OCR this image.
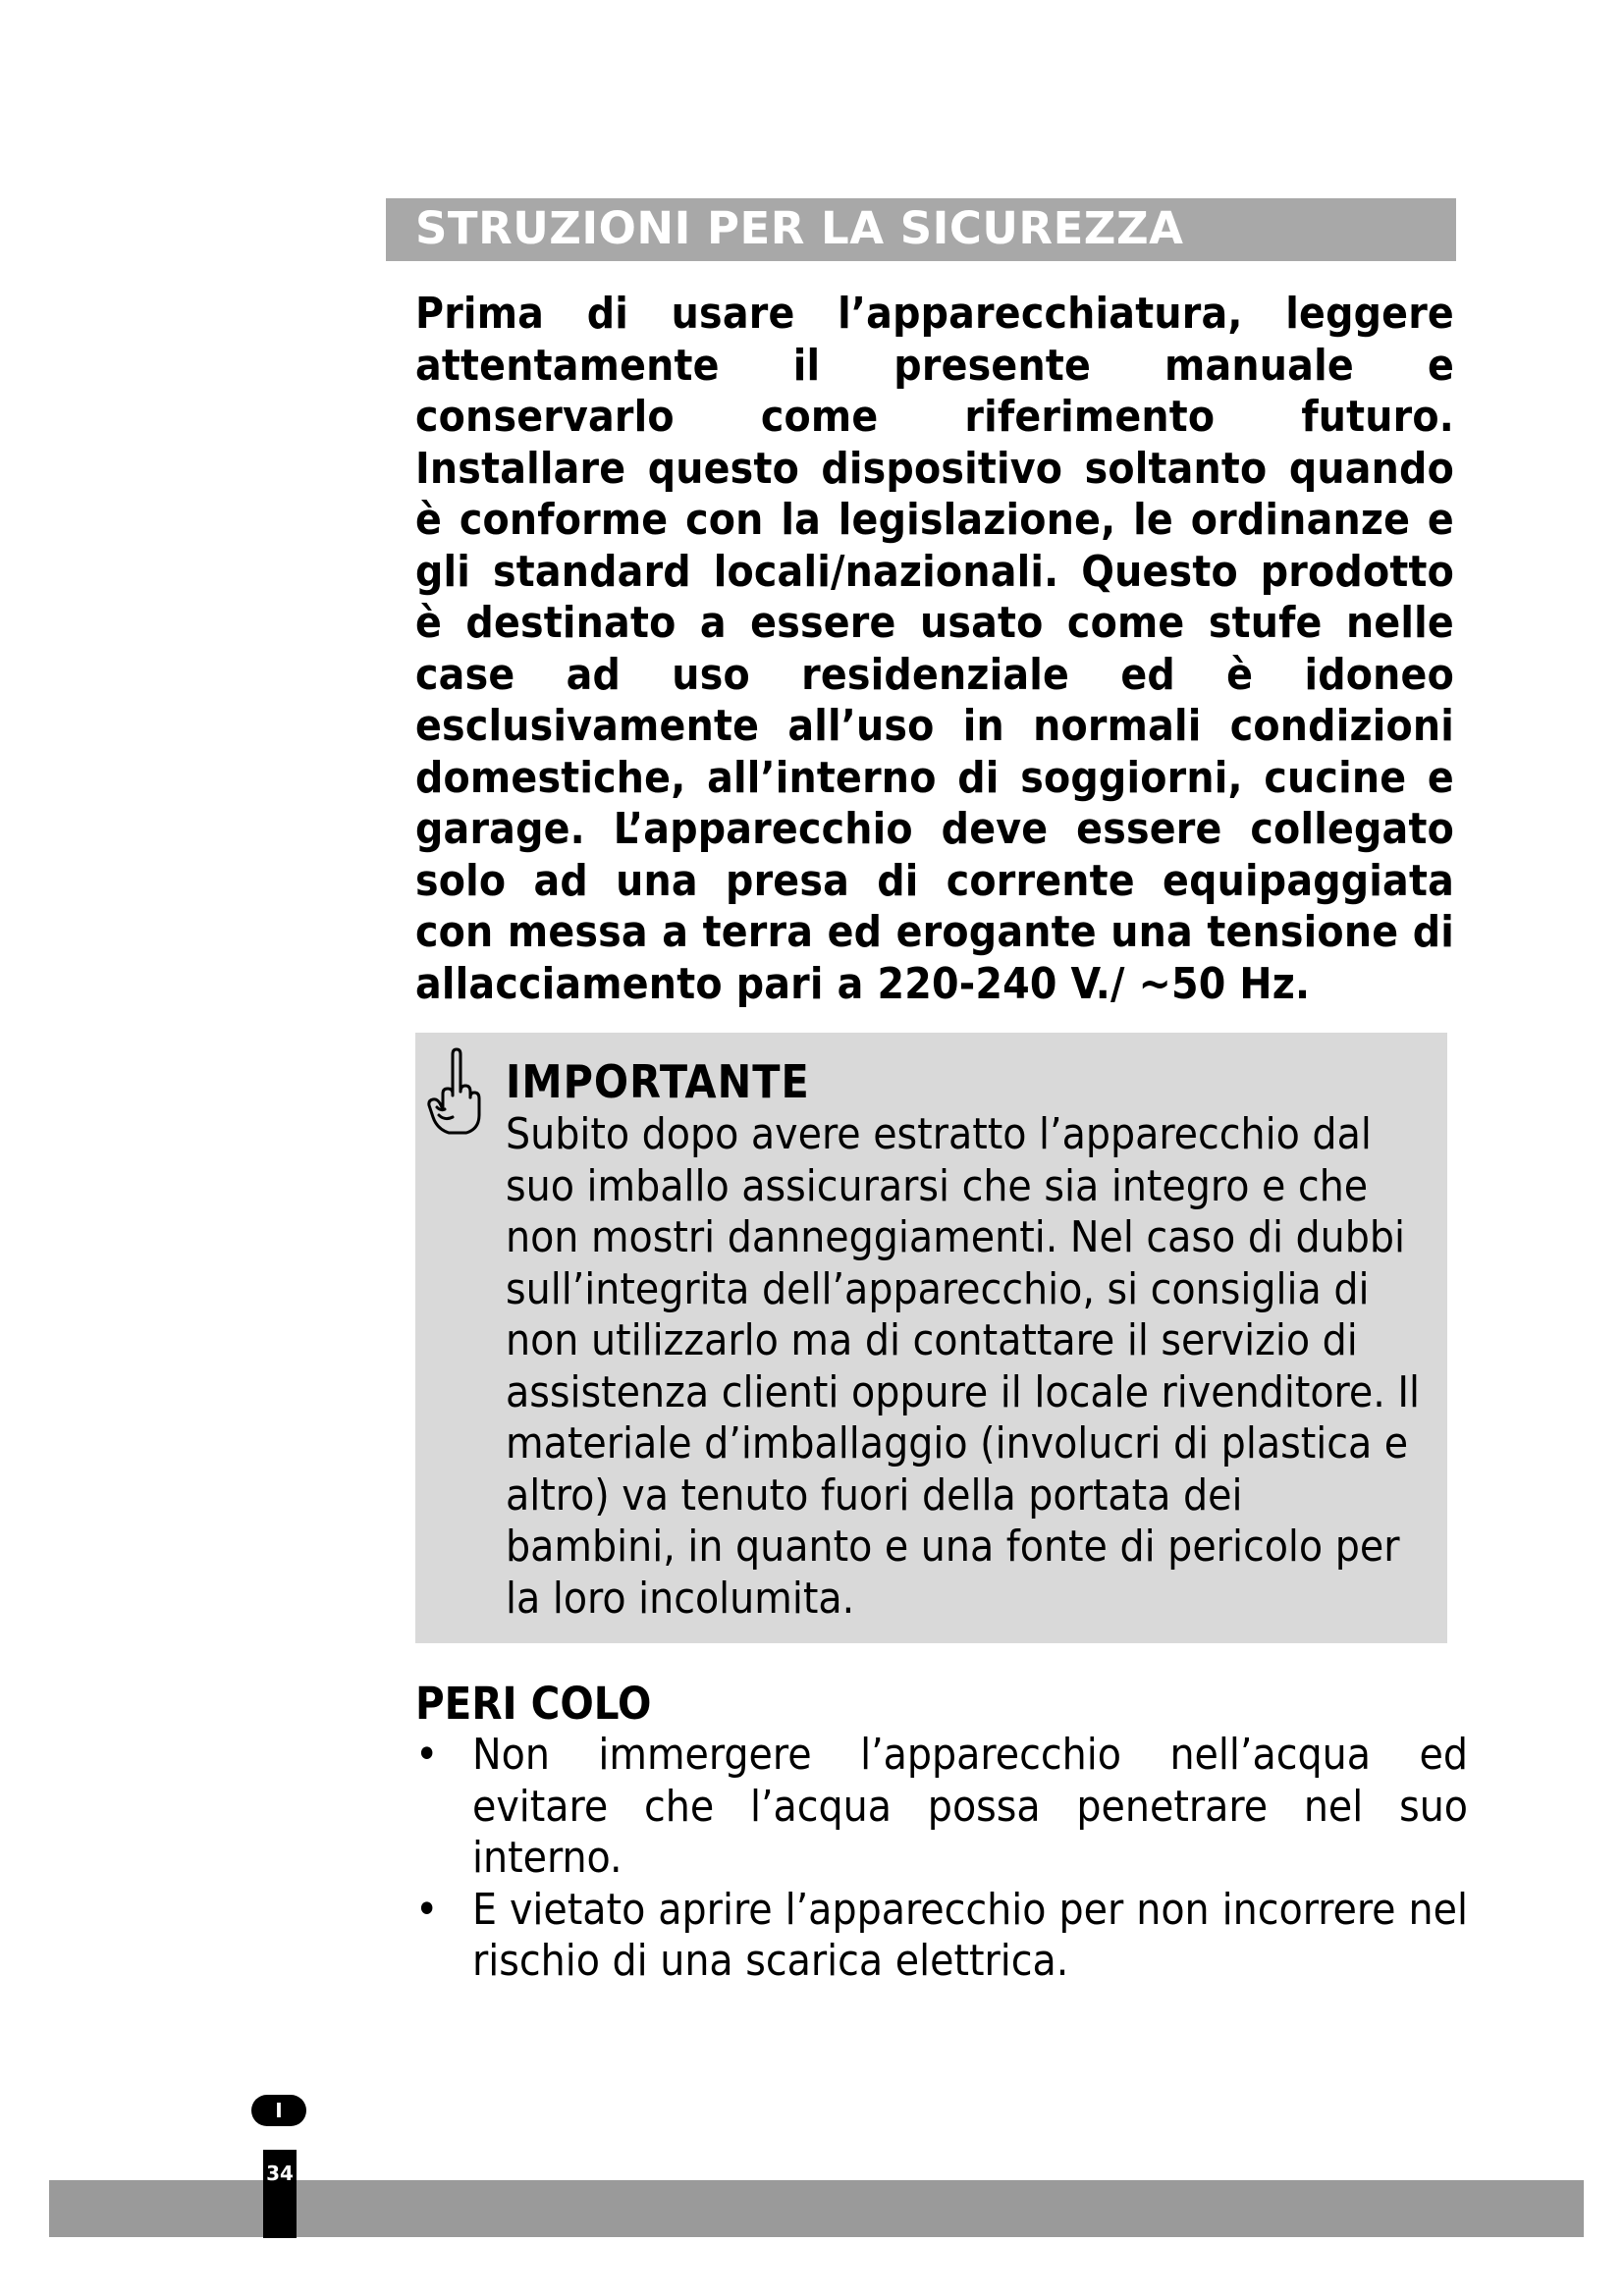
STRUZIONI PER LA SICUREZZA
Prima di usare l’apparecchiatura, leggere attentamente il presente manuale e conservarlo come riferimento futuro. Installare questo dispositivo soltanto quando è conforme con la legislazione, le ordinanze e gli standard locali/nazionali. Questo prodotto è destinato a essere usato come stufe nelle case ad uso residenziale ed è idoneo esclusivamente all’uso in normali condizioni domestiche, all’interno di soggiorni, cucine e garage. L’apparecchio deve essere collegato solo ad una presa di corrente equipaggiata con messa a terra ed erogante una tensione di allacciamento pari a 220-240 V./ ~50 Hz.
IMPORTANTE
Subito dopo avere estratto l’apparecchio dal suo imballo assicurarsi che sia integro e che non mostri danneggiamenti. Nel caso di dubbi sull’integrita dell’apparecchio, si consiglia di non utilizzarlo ma di contattare il servizio di assistenza clienti oppure il locale rivenditore. Il materiale d’imballaggio (involucri di plastica e altro) va tenuto fuori della portata dei bambini, in quanto e una fonte di pericolo per la loro incolumita.
PERI COLO
• Non immergere l’apparecchio nell’acqua ed evitare che l’acqua possa penetrare nel suo interno.
• E vietato aprire l’apparecchio per non incorrere nel rischio di una scarica elettrica.
I
34
